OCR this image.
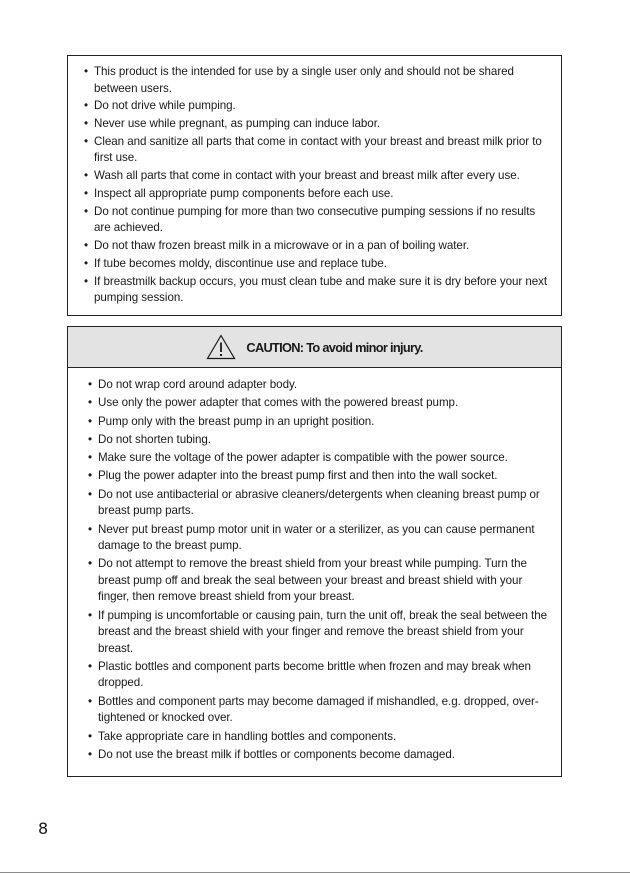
• This product is the intended for use by a single user only and should not be shared between users.
• Do not drive while pumping.
• Never use while pregnant, as pumping can induce labor.
• Clean and sanitize all parts that come in contact with your breast and breast milk prior to first use.
• Wash all parts that come in contact with your breast and breast milk after every use.
• Inspect all appropriate pump components before each use.
• Do not continue pumping for more than two consecutive pumping sessions if no results are achieved.
• Do not thaw frozen breast milk in a microwave or in a pan of boiling water.
• If tube becomes moldy, discontinue use and replace tube.
• If breastmilk backup occurs, you must clean tube and make sure it is dry before your next pumping session.
CAUTION: To avoid minor injury.
• Do not wrap cord around adapter body.
• Use only the power adapter that comes with the powered breast pump.
• Pump only with the breast pump in an upright position.
• Do not shorten tubing.
• Make sure the voltage of the power adapter is compatible with the power source.
• Plug the power adapter into the breast pump first and then into the wall socket.
• Do not use antibacterial or abrasive cleaners/detergents when cleaning breast pump or breast pump parts.
• Never put breast pump motor unit in water or a sterilizer, as you can cause permanent damage to the breast pump.
• Do not attempt to remove the breast shield from your breast while pumping. Turn the breast pump off and break the seal between your breast and breast shield with your finger, then remove breast shield from your breast.
• If pumping is uncomfortable or causing pain, turn the unit off, break the seal between the breast and the breast shield with your finger and remove the breast shield from your breast.
• Plastic bottles and component parts become brittle when frozen and may break when dropped.
• Bottles and component parts may become damaged if mishandled, e.g. dropped, over-tightened or knocked over.
• Take appropriate care in handling bottles and components.
• Do not use the breast milk if bottles or components become damaged.
8
